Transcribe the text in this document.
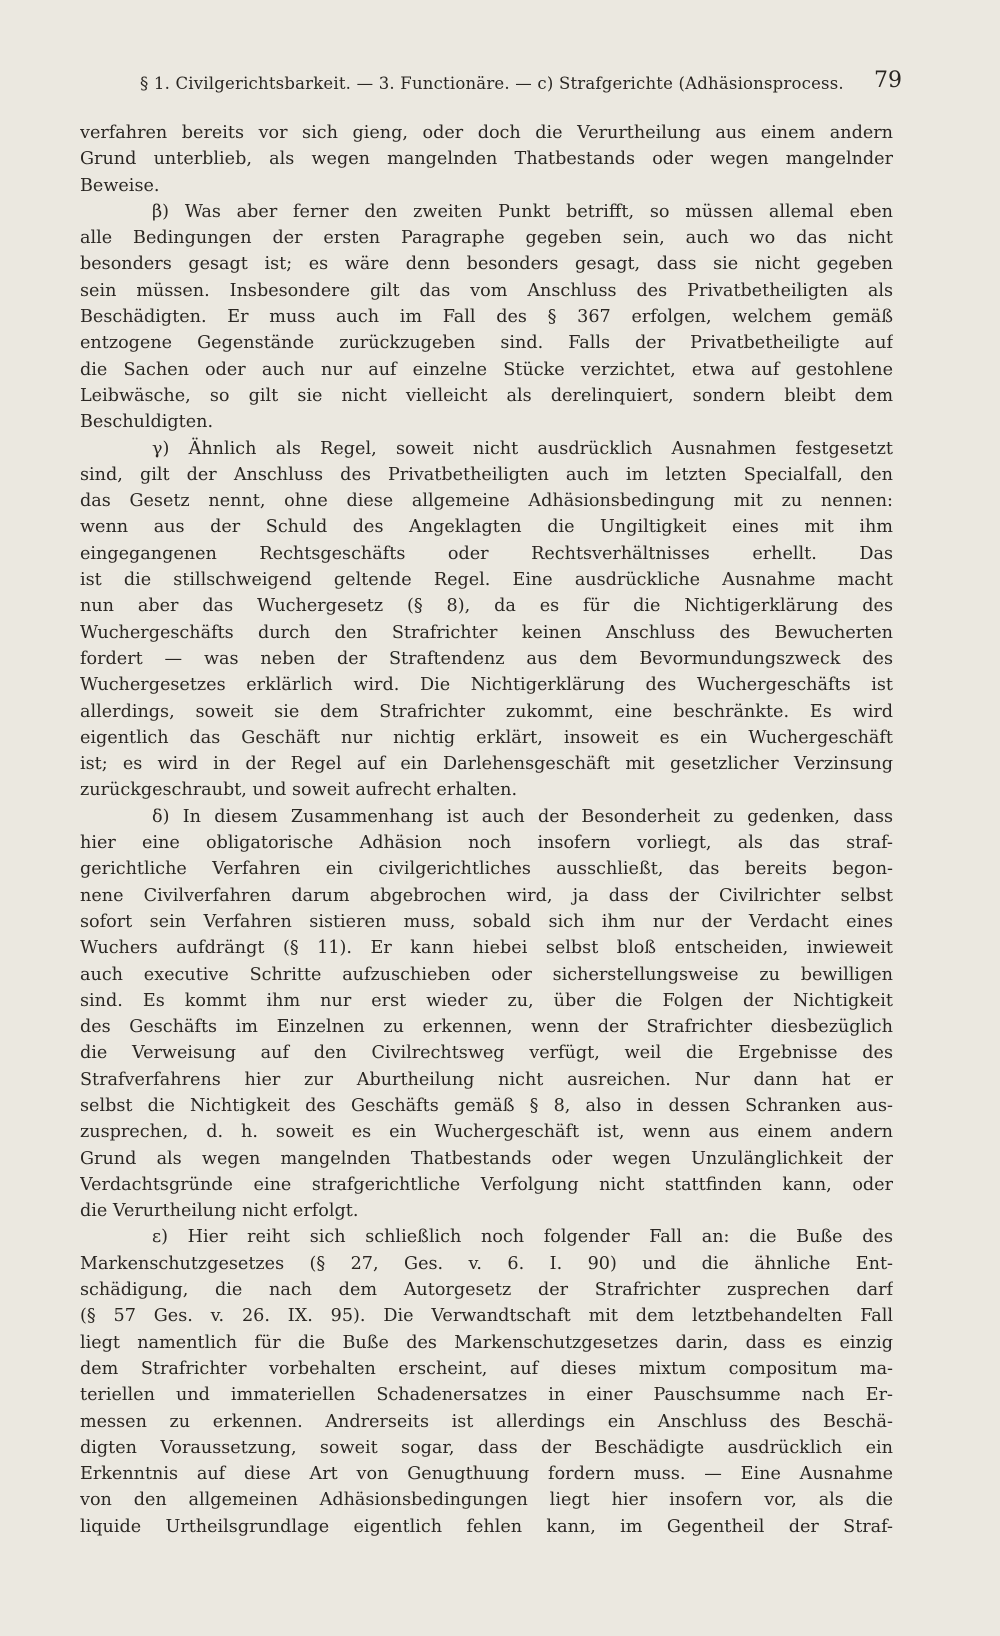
§ 1. Civilgerichtsbarkeit. — 3. Functionäre. — c) Strafgerichte (Adhäsionsprocess. 79
verfahren bereits vor sich gieng, oder doch die Verurtheilung aus einem andern
Grund unterblieb, als wegen mangelnden Thatbestands oder wegen mangelnder
Beweise.
β) Was aber ferner den zweiten Punkt betrifft, so müssen allemal eben
alle Bedingungen der ersten Paragraphe gegeben sein, auch wo das nicht
besonders gesagt ist; es wäre denn besonders gesagt, dass sie nicht gegeben
sein müssen. Insbesondere gilt das vom Anschluss des Privatbetheiligten als
Beschädigten. Er muss auch im Fall des § 367 erfolgen, welchem gemäß
entzogene Gegenstände zurückzugeben sind. Falls der Privatbetheiligte auf
die Sachen oder auch nur auf einzelne Stücke verzichtet, etwa auf gestohlene
Leibwäsche, so gilt sie nicht vielleicht als derelinquiert, sondern bleibt dem
Beschuldigten.
γ) Ähnlich als Regel, soweit nicht ausdrücklich Ausnahmen festgesetzt
sind, gilt der Anschluss des Privatbetheiligten auch im letzten Specialfall, den
das Gesetz nennt, ohne diese allgemeine Adhäsionsbedingung mit zu nennen:
wenn aus der Schuld des Angeklagten die Ungiltigkeit eines mit ihm
eingegangenen Rechtsgeschäfts oder Rechtsverhältnisses erhellt. Das
ist die stillschweigend geltende Regel. Eine ausdrückliche Ausnahme macht
nun aber das Wuchergesetz (§ 8), da es für die Nichtigerklärung des
Wuchergeschäfts durch den Strafrichter keinen Anschluss des Bewucherten
fordert — was neben der Straftendenz aus dem Bevormundungszweck des
Wuchergesetzes erklärlich wird. Die Nichtigerklärung des Wuchergeschäfts ist
allerdings, soweit sie dem Strafrichter zukommt, eine beschränkte. Es wird
eigentlich das Geschäft nur nichtig erklärt, insoweit es ein Wuchergeschäft
ist; es wird in der Regel auf ein Darlehensgeschäft mit gesetzlicher Verzinsung
zurückgeschraubt, und soweit aufrecht erhalten.
δ) In diesem Zusammenhang ist auch der Besonderheit zu gedenken, dass
hier eine obligatorische Adhäsion noch insofern vorliegt, als das straf-
gerichtliche Verfahren ein civilgerichtliches ausschließt, das bereits begon-
nene Civilverfahren darum abgebrochen wird, ja dass der Civilrichter selbst
sofort sein Verfahren sistieren muss, sobald sich ihm nur der Verdacht eines
Wuchers aufdrängt (§ 11). Er kann hiebei selbst bloß entscheiden, inwieweit
auch executive Schritte aufzuschieben oder sicherstellungsweise zu bewilligen
sind. Es kommt ihm nur erst wieder zu, über die Folgen der Nichtigkeit
des Geschäfts im Einzelnen zu erkennen, wenn der Strafrichter diesbezüglich
die Verweisung auf den Civilrechtsweg verfügt, weil die Ergebnisse des
Strafverfahrens hier zur Aburtheilung nicht ausreichen. Nur dann hat er
selbst die Nichtigkeit des Geschäfts gemäß § 8, also in dessen Schranken aus-
zusprechen, d. h. soweit es ein Wuchergeschäft ist, wenn aus einem andern
Grund als wegen mangelnden Thatbestands oder wegen Unzulänglichkeit der
Verdachtsgründe eine strafgerichtliche Verfolgung nicht stattfinden kann, oder
die Verurtheilung nicht erfolgt.
ε) Hier reiht sich schließlich noch folgender Fall an: die Buße des
Markenschutzgesetzes (§ 27, Ges. v. 6. I. 90) und die ähnliche Ent-
schädigung, die nach dem Autorgesetz der Strafrichter zusprechen darf
(§ 57 Ges. v. 26. IX. 95). Die Verwandtschaft mit dem letztbehandelten Fall
liegt namentlich für die Buße des Markenschutzgesetzes darin, dass es einzig
dem Strafrichter vorbehalten erscheint, auf dieses mixtum compositum ma-
teriellen und immateriellen Schadenersatzes in einer Pauschsumme nach Er-
messen zu erkennen. Andrerseits ist allerdings ein Anschluss des Beschä-
digten Voraussetzung, soweit sogar, dass der Beschädigte ausdrücklich ein
Erkenntnis auf diese Art von Genugthuung fordern muss. — Eine Ausnahme
von den allgemeinen Adhäsionsbedingungen liegt hier insofern vor, als die
liquide Urtheilsgrundlage eigentlich fehlen kann, im Gegentheil der Straf-
